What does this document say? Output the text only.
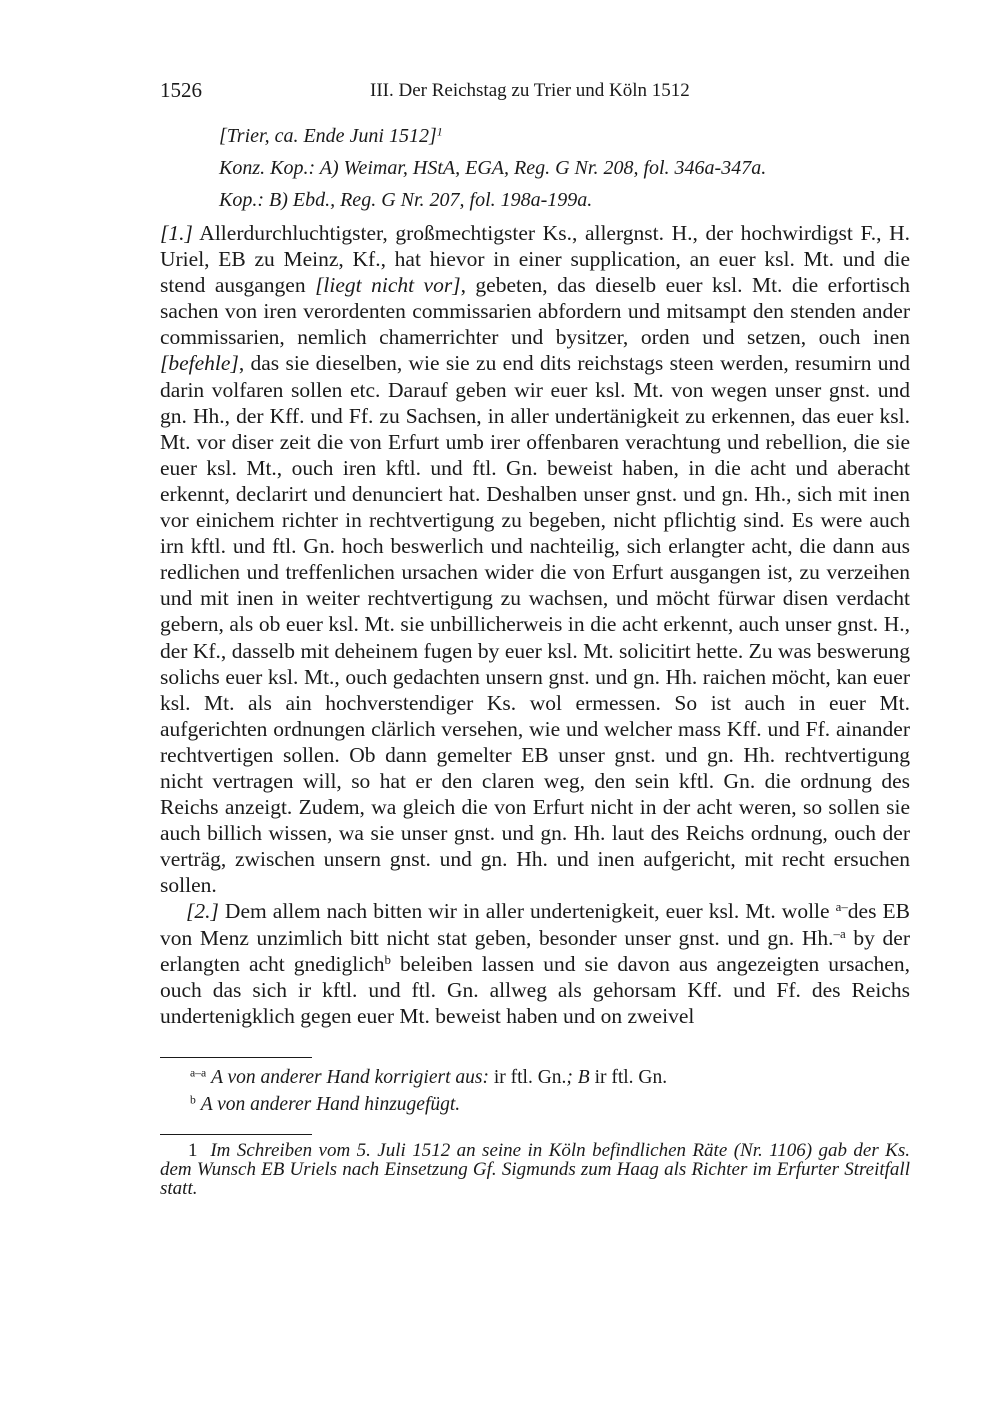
1526	III. Der Reichstag zu Trier und Köln 1512
[Trier, ca. Ende Juni 1512]$^1$
Konz. Kop.: A) Weimar, HStA, EGA, Reg. G Nr. 208, fol. 346a-347a.
Kop.: B) Ebd., Reg. G Nr. 207, fol. 198a-199a.

[1.] Allerdurchluchtigster, großmechtigster Ks., allergnst. H., der hochwirdigst F., H. Uriel, EB zu Meinz, Kf., hat hievor in einer supplication, an euer ksl. Mt. und die stend ausgangen [liegt nicht vor], gebeten, das dieselb euer ksl. Mt. die erfortisch sachen von iren verordenten commissarien abfordern und mitsampt den stenden ander commissarien, nemlich chamerrichter und bysitzer, orden und setzen, ouch inen [befehle], das sie dieselben, wie sie zu end dits reichstags steen werden, resumirn und darin volfaren sollen etc. Darauf geben wir euer ksl. Mt. von wegen unser gnst. und gn. Hh., der Kff. und Ff. zu Sachsen, in aller undertänigkeit zu erkennen, das euer ksl. Mt. vor diser zeit die von Erfurt umb irer offenbaren verachtung und rebellion, die sie euer ksl. Mt., ouch iren kftl. und ftl. Gn. beweist haben, in die acht und aberacht erkennt, declarirt und denunciert hat. Deshalben unser gnst. und gn. Hh., sich mit inen vor einichem richter in rechtvertigung zu begeben, nicht pflichtig sind. Es were auch irn kftl. und ftl. Gn. hoch beswerlich und nachteilig, sich erlangter acht, die dann aus redlichen und treffenlichen ursachen wider die von Erfurt ausgangen ist, zu verzeihen und mit inen in weiter rechtvertigung zu wachsen, und möcht fürwar disen verdacht gebern, als ob euer ksl. Mt. sie unbillicherweis in die acht erkennt, auch unser gnst. H., der Kf., dasselb mit deheinem fugen by euer ksl. Mt. solicitirt hette. Zu was beswerung solichs euer ksl. Mt., ouch gedachten unsern gnst. und gn. Hh. raichen möcht, kan euer ksl. Mt. als ain hochverstendiger Ks. wol ermessen. So ist auch in euer Mt. aufgerichten ordnungen clärlich versehen, wie und welcher mass Kff. und Ff. ainander rechtvertigen sollen. Ob dann gemelter EB unser gnst. und gn. Hh. rechtvertigung nicht vertragen will, so hat er den claren weg, den sein kftl. Gn. die ordnung des Reichs anzeigt. Zudem, wa gleich die von Erfurt nicht in der acht weren, so sollen sie auch billich wissen, wa sie unser gnst. und gn. Hh. laut des Reichs ordnung, ouch der verträg, zwischen unsern gnst. und gn. Hh. und inen aufgericht, mit recht ersuchen sollen.

[2.] Dem allem nach bitten wir in aller undertenigkeit, euer ksl. Mt. wolle $^{a-}$des EB von Menz unzimlich bitt nicht stat geben, besonder unser gnst. und gn. Hh.$^{-a}$ by der erlangten acht gnediglich$^b$ beleiben lassen und sie davon aus angezeigten ursachen, ouch das sich ir kftl. und ftl. Gn. allweg als gehorsam Kff. und Ff. des Reichs undertenigklich gegen euer Mt. beweist haben und on zweivel

$^{a-a}$ A von anderer Hand korrigiert aus: ir ftl. Gn.; B ir ftl. Gn.
$^b$ A von anderer Hand hinzugefügt.
1 Im Schreiben vom 5. Juli 1512 an seine in Köln befindlichen Räte (Nr. 1106) gab der Ks. dem Wunsch EB Uriels nach Einsetzung Gf. Sigmunds zum Haag als Richter im Erfurter Streitfall statt.
